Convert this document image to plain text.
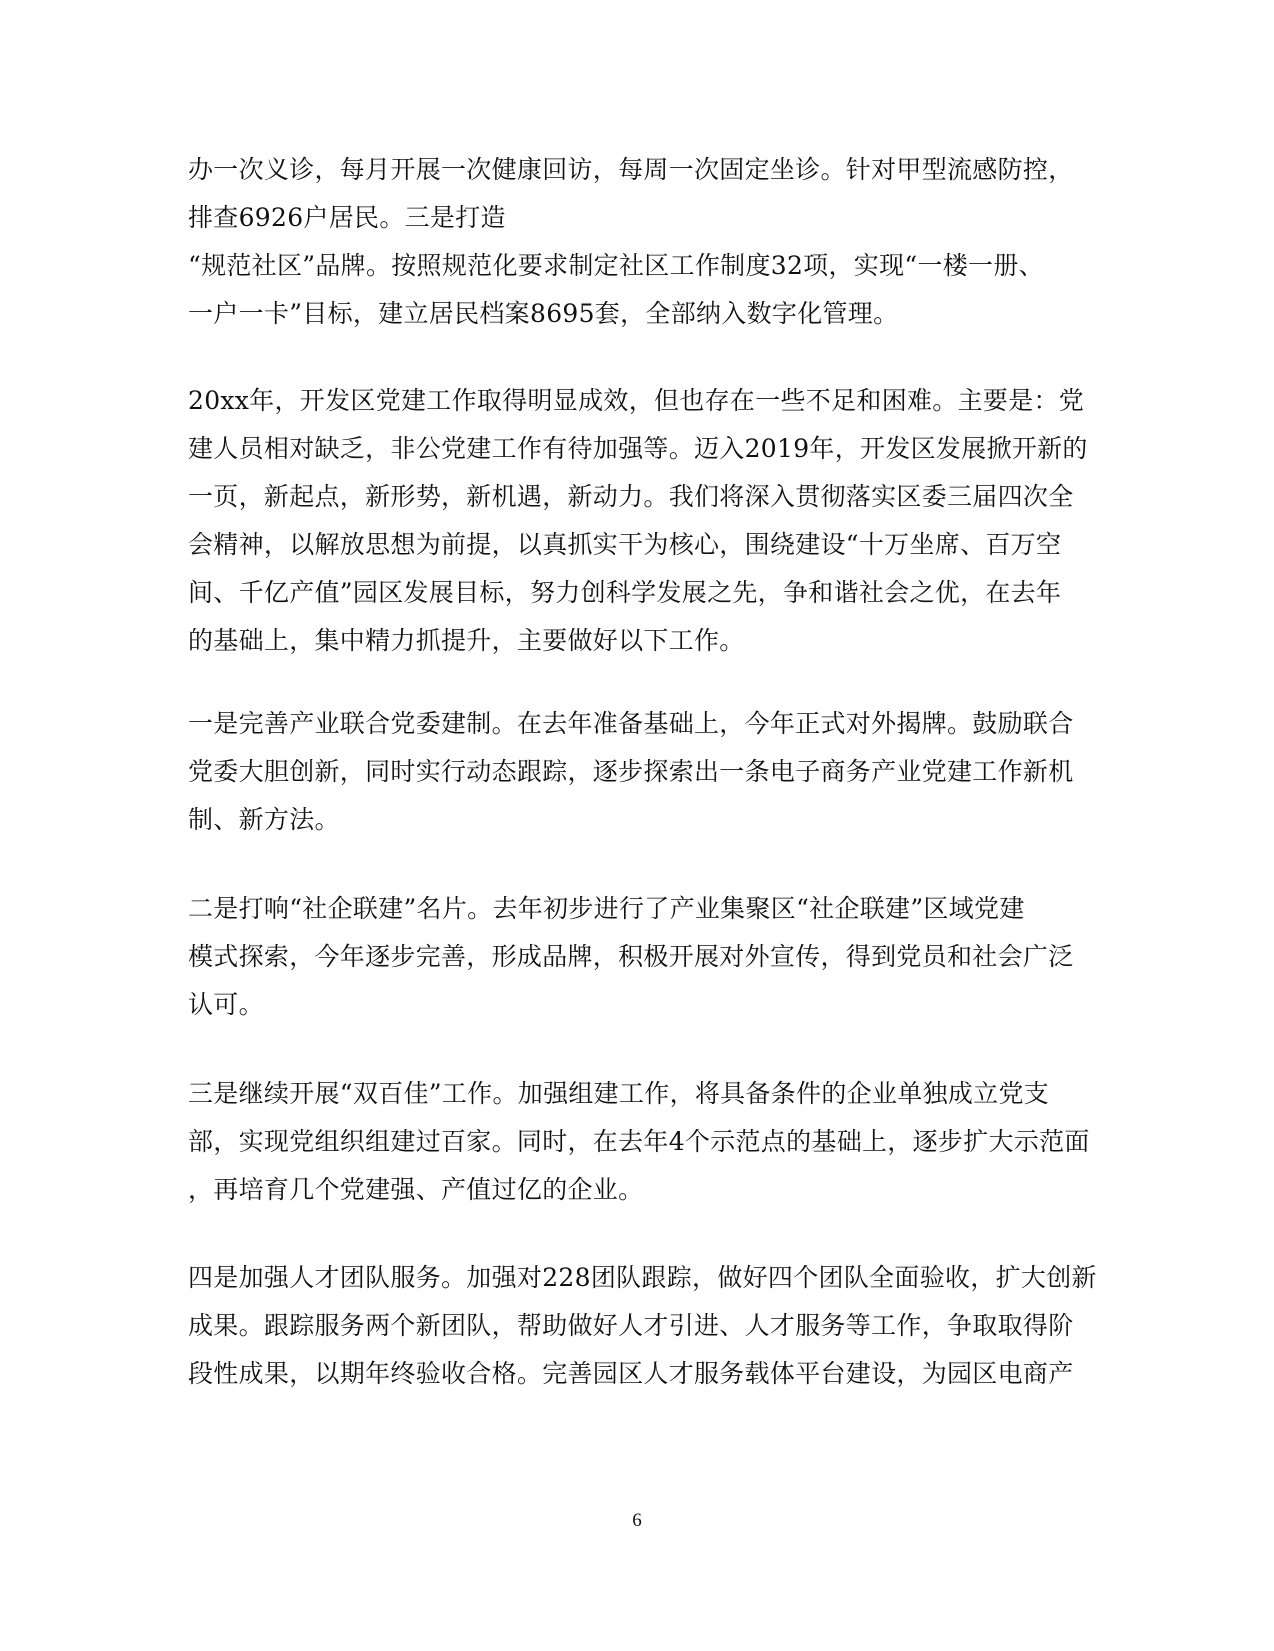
办一次义诊，每月开展一次健康回访，每周一次固定坐诊。针对甲型流感防控，
排查6926户居民。三是打造
“规范社区”品牌。按照规范化要求制定社区工作制度32项，实现“一楼一册、
一户一卡”目标，建立居民档案8695套，全部纳入数字化管理。
20xx年，开发区党建工作取得明显成效，但也存在一些不足和困难。主要是：党
建人员相对缺乏，非公党建工作有待加强等。迈入2019年，开发区发展掀开新的
一页，新起点，新形势，新机遇，新动力。我们将深入贯彻落实区委三届四次全
会精神，以解放思想为前提，以真抓实干为核心，围绕建设“十万坐席、百万空
间、千亿产值”园区发展目标，努力创科学发展之先，争和谐社会之优，在去年
的基础上，集中精力抓提升，主要做好以下工作。
一是完善产业联合党委建制。在去年准备基础上，今年正式对外揭牌。鼓励联合
党委大胆创新，同时实行动态跟踪，逐步探索出一条电子商务产业党建工作新机
制、新方法。
二是打响“社企联建”名片。去年初步进行了产业集聚区“社企联建”区域党建
模式探索，今年逐步完善，形成品牌，积极开展对外宣传，得到党员和社会广泛
认可。
三是继续开展“双百佳”工作。加强组建工作，将具备条件的企业单独成立党支
部，实现党组织组建过百家。同时，在去年4个示范点的基础上，逐步扩大示范面
，再培育几个党建强、产值过亿的企业。
四是加强人才团队服务。加强对228团队跟踪，做好四个团队全面验收，扩大创新
成果。跟踪服务两个新团队，帮助做好人才引进、人才服务等工作，争取取得阶
段性成果，以期年终验收合格。完善园区人才服务载体平台建设，为园区电商产
6
